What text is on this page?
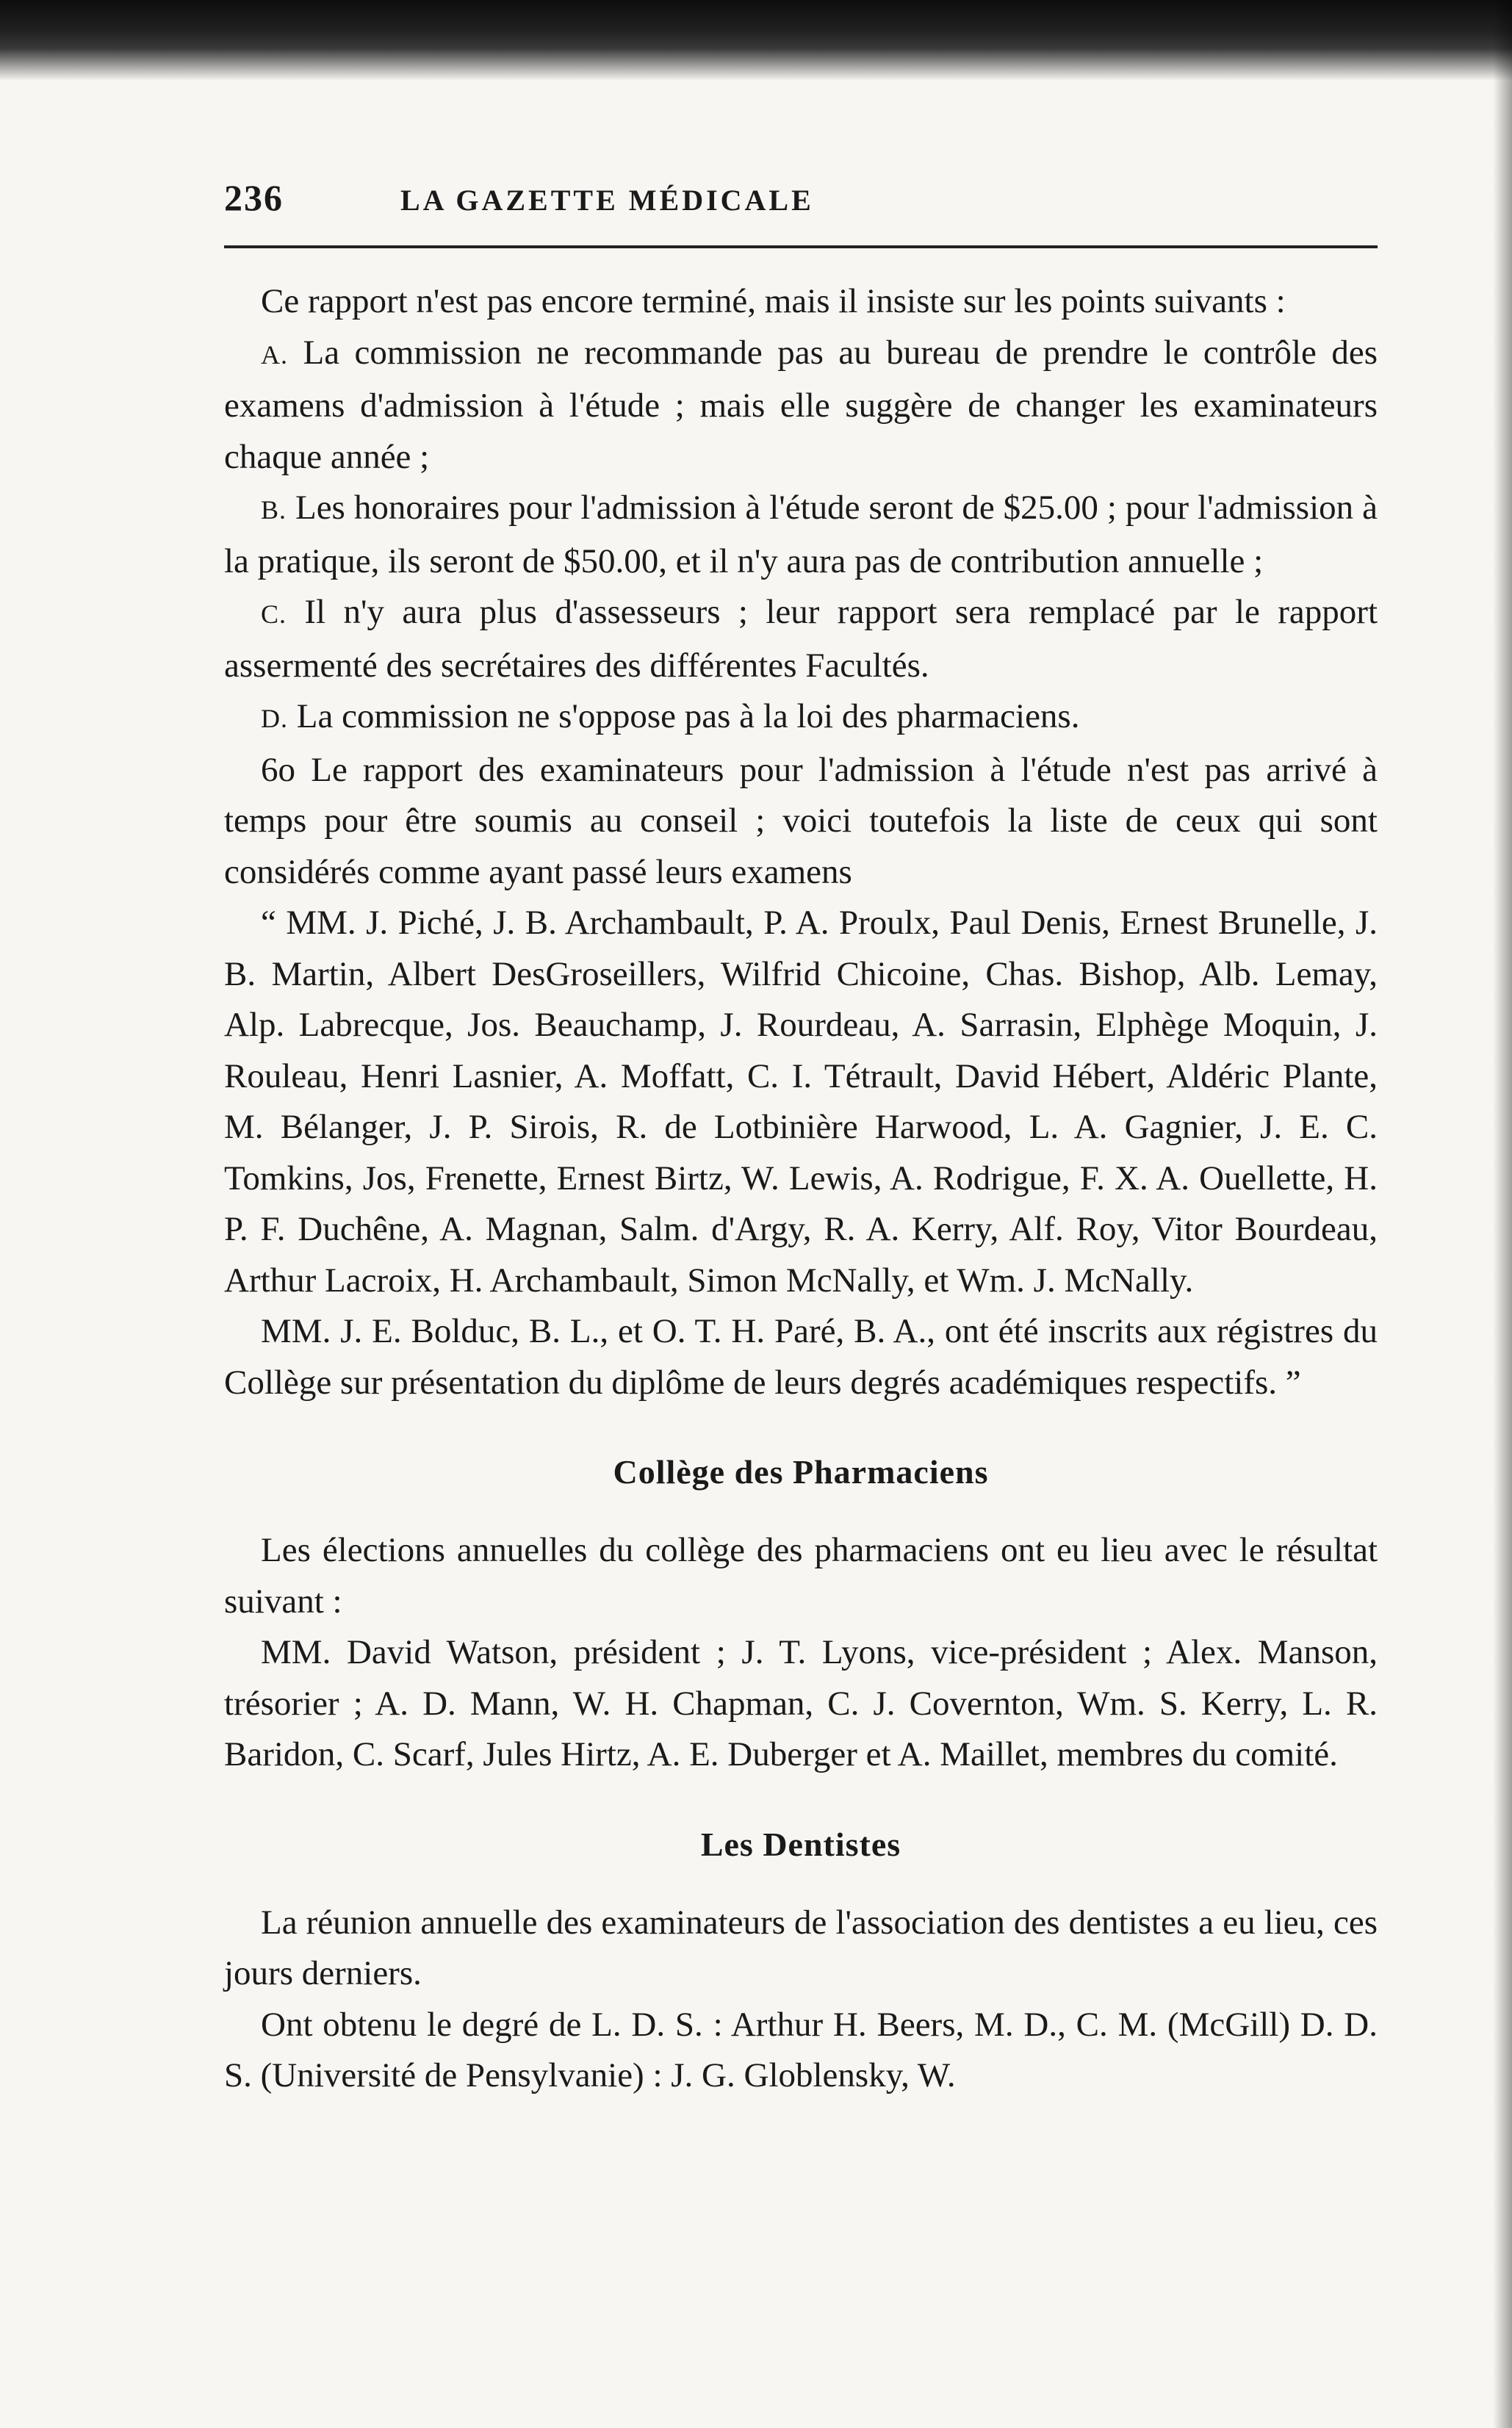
236	LA GAZETTE MÉDICALE

Ce rapport n'est pas encore terminé, mais il insiste sur les points suivants :

A. La commission ne recommande pas au bureau de prendre le contrôle des examens d'admission à l'étude ; mais elle suggère de changer les examinateurs chaque année ;

B. Les honoraires pour l'admission à l'étude seront de $25.00 ; pour l'admission à la pratique, ils seront de $50.00, et il n'y aura pas de contribution annuelle ;

C. Il n'y aura plus d'assesseurs ; leur rapport sera remplacé par le rapport assermenté des secrétaires des différentes Facultés.

D. La commission ne s'oppose pas à la loi des pharmaciens.

6o Le rapport des examinateurs pour l'admission à l'étude n'est pas arrivé à temps pour être soumis au conseil ; voici toutefois la liste de ceux qui sont considérés comme ayant passé leurs examens

“ MM. J. Piché, J. B. Archambault, P. A. Proulx, Paul Denis, Ernest Brunelle, J. B. Martin, Albert DesGroseillers, Wilfrid Chicoine, Chas. Bishop, Alb. Lemay, Alp. Labrecque, Jos. Beauchamp, J. Rourdeau, A. Sarrasin, Elphège Moquin, J. Rouleau, Henri Lasnier, A. Moffatt, C. I. Tétrault, David Hébert, Aldéric Plante, M. Bélanger, J. P. Sirois, R. de Lotbinière Harwood, L. A. Gagnier, J. E. C. Tomkins, Jos, Frenette, Ernest Birtz, W. Lewis, A. Rodrigue, F. X. A. Ouellette, H. P. F. Duchêne, A. Magnan, Salm. d'Argy, R. A. Kerry, Alf. Roy, Vitor Bourdeau, Arthur Lacroix, H. Archambault, Simon McNally, et Wm. J. McNally.

MM. J. E. Bolduc, B. L., et O. T. H. Paré, B. A., ont été inscrits aux régistres du Collège sur présentation du diplôme de leurs degrés académiques respectifs. ”

Collège des Pharmaciens

Les élections annuelles du collège des pharmaciens ont eu lieu avec le résultat suivant :

MM. David Watson, président ; J. T. Lyons, vice-président ; Alex. Manson, trésorier ; A. D. Mann, W. H. Chapman, C. J. Covernton, Wm. S. Kerry, L. R. Baridon, C. Scarf, Jules Hirtz, A. E. Duberger et A. Maillet, membres du comité.

Les Dentistes

La réunion annuelle des examinateurs de l'association des dentistes a eu lieu, ces jours derniers.

Ont obtenu le degré de L. D. S. : Arthur H. Beers, M. D., C. M. (McGill) D. D. S. (Université de Pensylvanie) : J. G. Globlensky, W.
